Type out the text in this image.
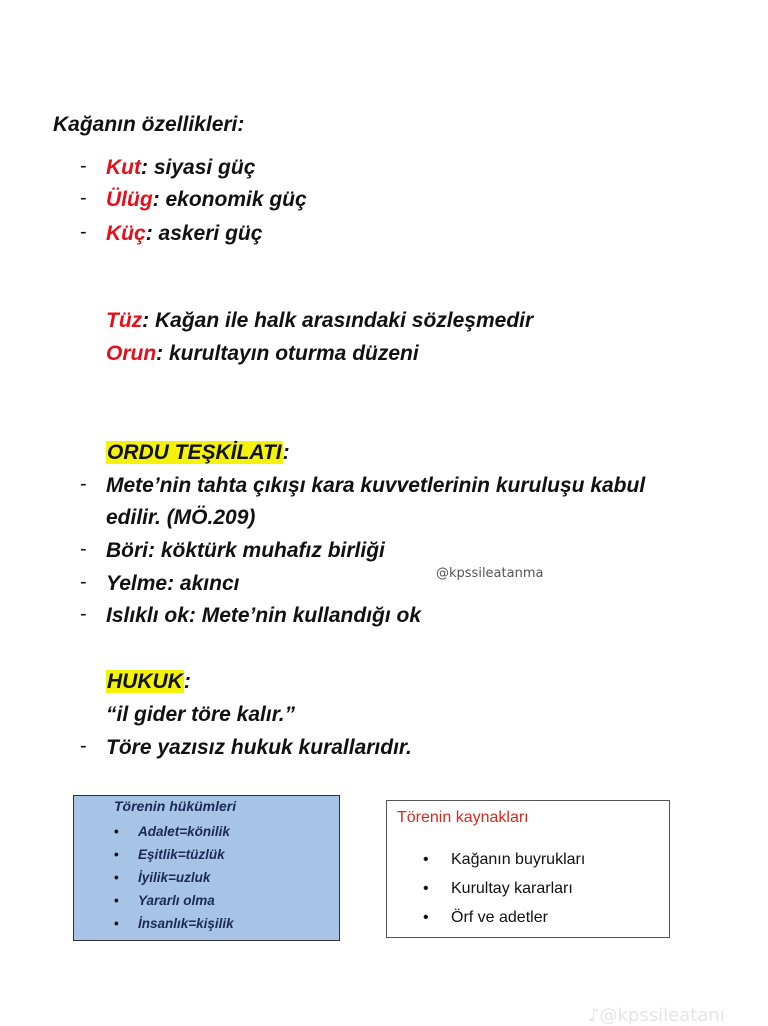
Kağanın özellikleri:
- Kut: siyasi güç
- Ülüg: ekonomik güç
- Küç: askeri güç
Tüz: Kağan ile halk arasındaki sözleşmedir
Orun: kurultayın oturma düzeni
ORDU TEŞKİLATI:
- Mete’nin tahta çıkışı kara kuvvetlerinin kuruluşu kabul
edilir. (MÖ.209)
- Böri: köktürk muhafız birliği
- Yelme: akıncı
- Islıklı ok: Mete’nin kullandığı ok
@kpssileatanma
HUKUK:
“il gider töre kalır.”
- Töre yazısız hukuk kurallarıdır.
Törenin hükümleri
• Adalet=könilik
• Eşitlik=tüzlük
• İyilik=uzluk
• Yararlı olma
• İnsanlık=kişilik
Törenin kaynakları
• Kağanın buyrukları
• Kurultay kararları
• Örf ve adetler
♪@kpssileatanı
